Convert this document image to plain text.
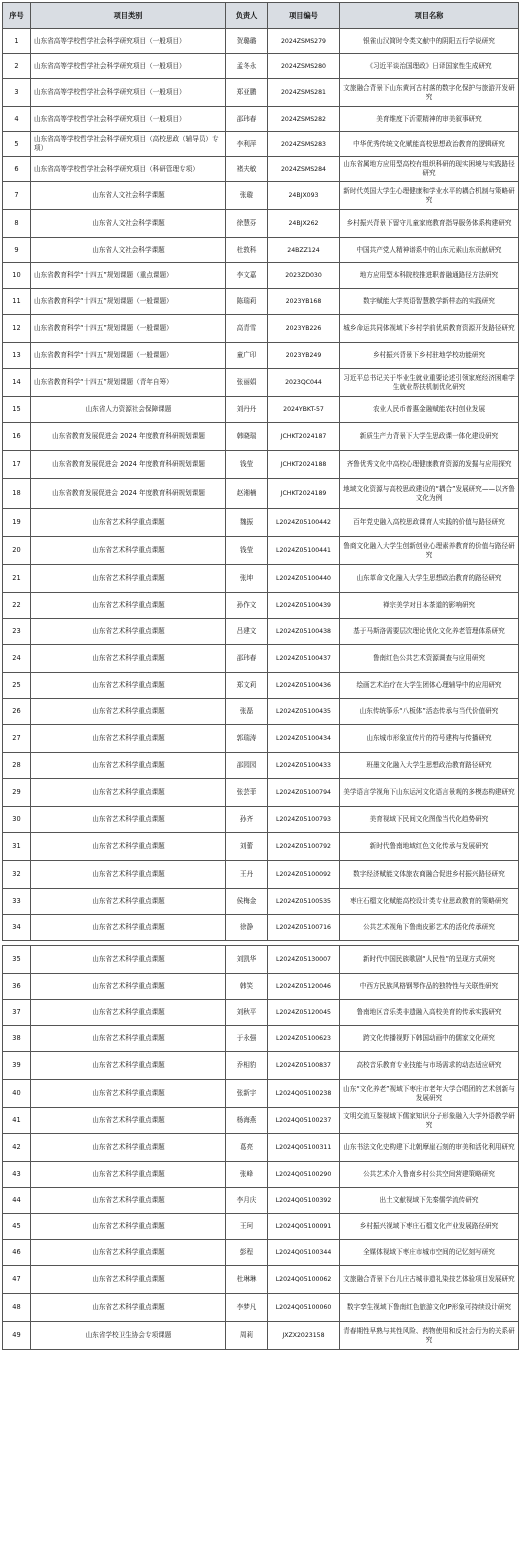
序号	项目类别	负责人	项目编号	项目名称
1	山东省高等学校哲学社会科学研究项目（一般项目）	贺璐璐	2024ZSMS279	银雀山汉简时令类文献中的阴阳五行学说研究
2	山东省高等学校哲学社会科学研究项目（一般项目）	孟冬永	2024ZSMS280	《习近平谈治国理政》日译国家性生成研究
3	山东省高等学校哲学社会科学研究项目（一般项目）	郑亚鹏	2024ZSMS281	文旅融合背景下山东黄河古村落的数字化保护与旅游开发研究
4	山东省高等学校哲学社会科学研究项目（一般项目）	邵玮春	2024ZSMS282	美育维度下沂蒙精神的审美叙事研究
5	山东省高等学校哲学社会科学研究项目（高校思政（辅导员）专项）	李利萍	2024ZSMS283	中华优秀传统文化赋能高校思想政治教育的逻辑研究
6	山东省高等学校哲学社会科学研究项目（科研管理专项）	褚夫敏	2024ZSMS284	山东省属地方应用型高校有组织科研的现实困境与实践路径研究
7	山东省人文社会科学课题	张璇	24BJX093	新时代英国大学生心理健康和学业水平的耦合机制与策略研究
8	山东省人文社会科学课题	徐慧芬	24BJX262	乡村振兴背景下留守儿童家庭教育指导服务体系构建研究
9	山东省人文社会科学课题	杜敦科	24BZZ124	中国共产党人精神谱系中的山东元素山东贡献研究
10	山东省教育科学“十四五”规划课题（重点课题）	李文嘉	2023ZD030	地方应用型本科院校推进职普融通路径方法研究
11	山东省教育科学“十四五”规划课题（一般课题）	陈瑞莉	2023YB168	数字赋能大学英语智慧教学新样态的实践研究
12	山东省教育科学“十四五”规划课题（一般课题）	高青雪	2023YB226	城乡命运共同体视域下乡村学前优质教育资源开发路径研究
13	山东省教育科学“十四五”规划课题（一般课题）	童广印	2023YB249	乡村振兴背景下乡村驻地学校功能研究
14	山东省教育科学“十四五”规划课题（青年自筹）	张丽娟	2023QC044	习近平总书记关于毕业生就业重要论述引领家庭经济困难学生就业帮扶机制优化研究
15	山东省人力资源社会保障课题	刘丹丹	2024YBKT-57	农业人民币普惠金融赋能农村创业发展
16	山东省教育发展促进会 2024 年度教育科研规划课题	韩晓瑞	JCHKT2024187	新质生产力背景下大学生思政课一体化建设研究
17	山东省教育发展促进会 2024 年度教育科研规划课题	钱莹	JCHKT2024188	齐鲁优秀文化中高校心理健康教育资源的发掘与应用探究
18	山东省教育发展促进会 2024 年度教育科研规划课题	赵湘楠	JCHKT2024189	地域文化资源与高校思政建设的“耦合”发展研究——以齐鲁文化为例
19	山东省艺术科学重点课题	魏振	L2024Z05100442	百年党史融入高校思政课育人实践的价值与路径研究
20	山东省艺术科学重点课题	钱莹	L2024Z05100441	鲁商文化融入大学生创新创业心理素养教育的价值与路径研究
21	山东省艺术科学重点课题	张坤	L2024Z05100440	山东革命文化融入大学生思想政治教育的路径研究
22	山东省艺术科学重点课题	孙作文	L2024Z05100439	禅宗美学对日本茶道的影响研究
23	山东省艺术科学重点课题	吕建文	L2024Z05100438	基于马斯洛需要层次理论优化文化养老管理体系研究
24	山东省艺术科学重点课题	邵玮春	L2024Z05100437	鲁南红色公共艺术资源调查与应用研究
25	山东省艺术科学重点课题	郑文莉	L2024Z05100436	绘画艺术治疗在大学生团体心理辅导中的应用研究
26	山东省艺术科学重点课题	张磊	L2024Z05100435	山东传统筝乐“八板体”活态传承与当代价值研究
27	山东省艺术科学重点课题	郭瑞涛	L2024Z05100434	山东城市形象宣传片的符号建构与传播研究
28	山东省艺术科学重点课题	邵园园	L2024Z05100433	班墨文化融入大学生思想政治教育路径研究
29	山东省艺术科学重点课题	张芸菲	L2024Z05100794	美学语言学视角下山东运河文化语言景观的多模态构建研究
30	山东省艺术科学重点课题	孙齐	L2024Z05100793	美育视域下民间文化图像当代化趋势研究
31	山东省艺术科学重点课题	刘蕾	L2024Z05100792	新时代鲁南地域红色文化传承与发展研究
32	山东省艺术科学重点课题	王丹	L2024Z05100092	数字经济赋能文体旅农商融合促进乡村振兴路径研究
33	山东省艺术科学重点课题	侯梅金	L2024Z05100535	枣庄石榴文化赋能高校设计类专业思政教育的策略研究
34	山东省艺术科学重点课题	徐静	L2024Z05100716	公共艺术视角下鲁南皮影艺术的活化传承研究

35	山东省艺术科学重点课题	刘凯华	L2024Z05130007	新时代中国民族歌剧“人民性”的呈现方式研究
36	山东省艺术科学重点课题	韩笑	L2024Z05120046	中西方民族风格钢琴作品的独特性与关联性研究
37	山东省艺术科学重点课题	刘秋平	L2024Z05120045	鲁南地区音乐类非遗融入高校美育的传承实践研究
38	山东省艺术科学重点课题	于永强	L2024Z05100623	跨文化传播视野下韩国动画中的儒家文化研究
39	山东省艺术科学重点课题	乔相豹	L2024Z05100837	高校音乐教育专业技能与市场需求的动态适应研究
40	山东省艺术科学重点课题	张新宇	L2024Q05100238	山东“文化养老”视域下枣庄市老年大学合唱团的艺术创新与发展研究
41	山东省艺术科学重点课题	杨海燕	L2024Q05100237	文明交流互鉴视域下儒家知识分子形象融入大学外语教学研究
42	山东省艺术科学重点课题	葛亮	L2024Q05100311	山东书法文化史构建下北朝摩崖石刻的审美和活化利用研究
43	山东省艺术科学重点课题	张峰	L2024Q05100290	公共艺术介入鲁南乡村公共空间营建策略研究
44	山东省艺术科学重点课题	李月庆	L2024Q05100392	出土文献视域下先秦儒学流传研究
45	山东省艺术科学重点课题	王珂	L2024Q05100091	乡村振兴视域下枣庄石榴文化产业发展路径研究
46	山东省艺术科学重点课题	彭程	L2024Q05100344	全媒体视域下枣庄市城市空间的记忆刻写研究
47	山东省艺术科学重点课题	杜琳琳	L2024Q05100062	文旅融合背景下台儿庄古城非遗礼染技艺体验项目发展研究
48	山东省艺术科学重点课题	李梦凡	L2024Q05100060	数字孪生视域下鲁南红色旅游文化IP形象可持续设计研究
49	山东省学校卫生协会专项课题	周莉	JXZX2023158	青春期性早熟与其性风险、药物使用和反社会行为的关系研究
